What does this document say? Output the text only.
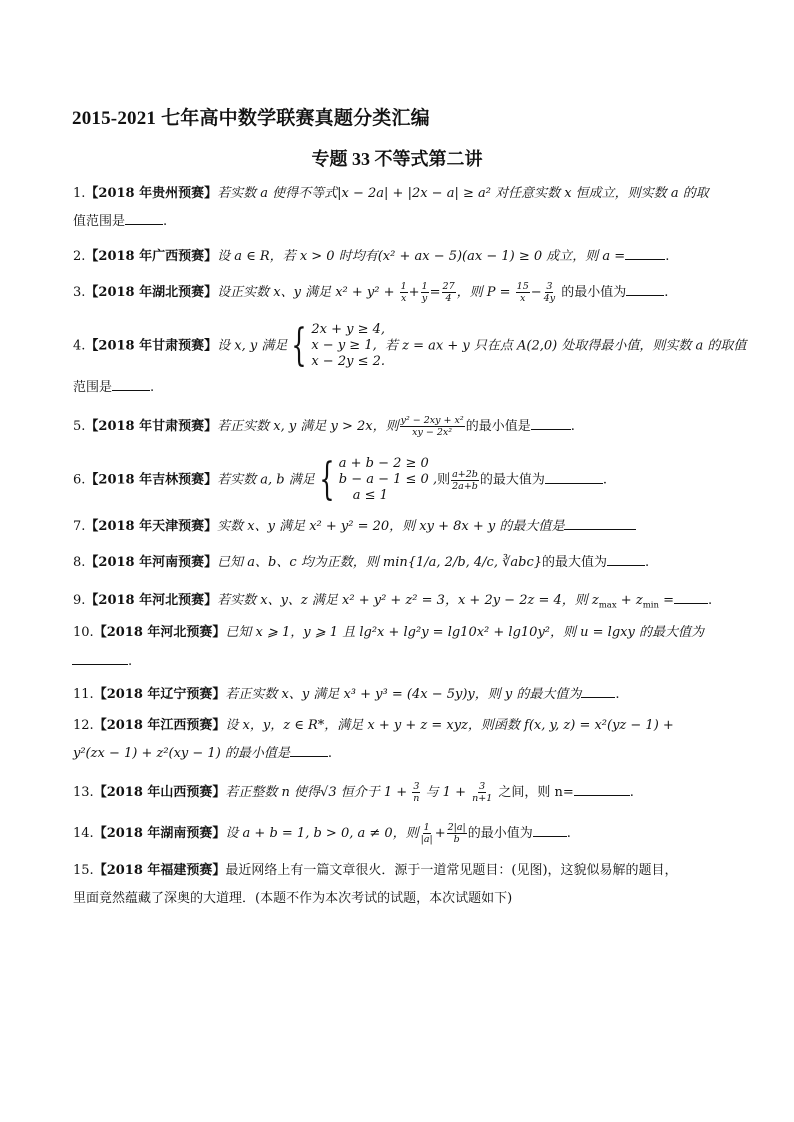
2015-2021 七年高中数学联赛真题分类汇编
专题 33 不等式第二讲
1.【2018 年贵州预赛】若实数 a 使得不等式|x − 2a| + |2x − a| ≥ a² 对任意实数 x 恒成立，则实数 a 的取
值范围是	.
2.【2018 年广西预赛】设 a ∈ R，若 x > 0 时均有(x² + ax − 5)(ax − 1) ≥ 0 成立，则 a =	.
3.【2018 年湖北预赛】设正实数 x、y 满足 $x^2 + y^2 + \frac{1}{x} + \frac{1}{y} = \frac{27}{4}$ ，则 $P = \frac{15}{x} - \frac{3}{4y}$ 的最小值为	.
4.【2018 年甘肃预赛】设 x, y 满足 { 2x + y ≥ 4,
x − y ≥ 1,
x − 2y ≤ 2.
若 z = ax + y 只在点 A(2,0) 处取得最小值，则实数 a 的取值
范围是	.
5.【2018 年甘肃预赛】若正实数 x, y 满足 y > 2x，则 $\frac{\text{y² − 2xy + x²}}{\text{xy − 2x²}}$ 的最小值是	.
6.【2018 年吉林预赛】若实数 a, b 满足 { a + b − 2 ≥ 0
b − a − 1 ≤ 0 ,
a ≤ 1
则 $\frac{a+2b}{2a+b}$ 的最大值为	.
7.【2018 年天津预赛】实数 x、y 满足 x² + y² = 20，则 xy + 8x + y 的最大值是
8.【2018 年河南预赛】已知 a、b、c 均为正数，则 min{1/a, 2/b, 4/c, ∛abc}的最大值为	.
9.【2018 年河北预赛】若实数 x、y、z 满足 x² + y² + z² = 3，x + 2y − 2z = 4，则 $z_{max} + z_{min}$ =	.
10.【2018 年河北预赛】已知 x ⩾ 1，y ⩾ 1 且 lg²x + lg²y = lg10x² + lg10y²，则 u = lgxy 的最大值为
.
11.【2018 年辽宁预赛】若正实数 x、y 满足 x³ + y³ = (4x − 5y)y，则 y 的最大值为	.
12.【2018 年江西预赛】设 x，y，z ∈ R*，满足 x + y + z = xyz，则函数 f(x, y, z) = x²(yz − 1) +
y²(zx − 1) + z²(xy − 1) 的最小值是	.
13.【2018 年山西预赛】若正整数 n 使得√3 恒介于 $1 + \frac{3}{n}$ 与 $1 + \frac{3}{n+1}$ 之间，则 n=	.
14.【2018 年湖南预赛】设 a + b = 1, b > 0, a ≠ 0，则 $\frac{1}{|a|} + \frac{2|a|}{b}$ 的最小值为	.
15.【2018 年福建预赛】最近网络上有一篇文章很火．源于一道常见题目：(见图)，这貌似易解的题目，
里面竟然蕴藏了深奥的大道理．(本题不作为本次考试的试题，本次试题如下)
